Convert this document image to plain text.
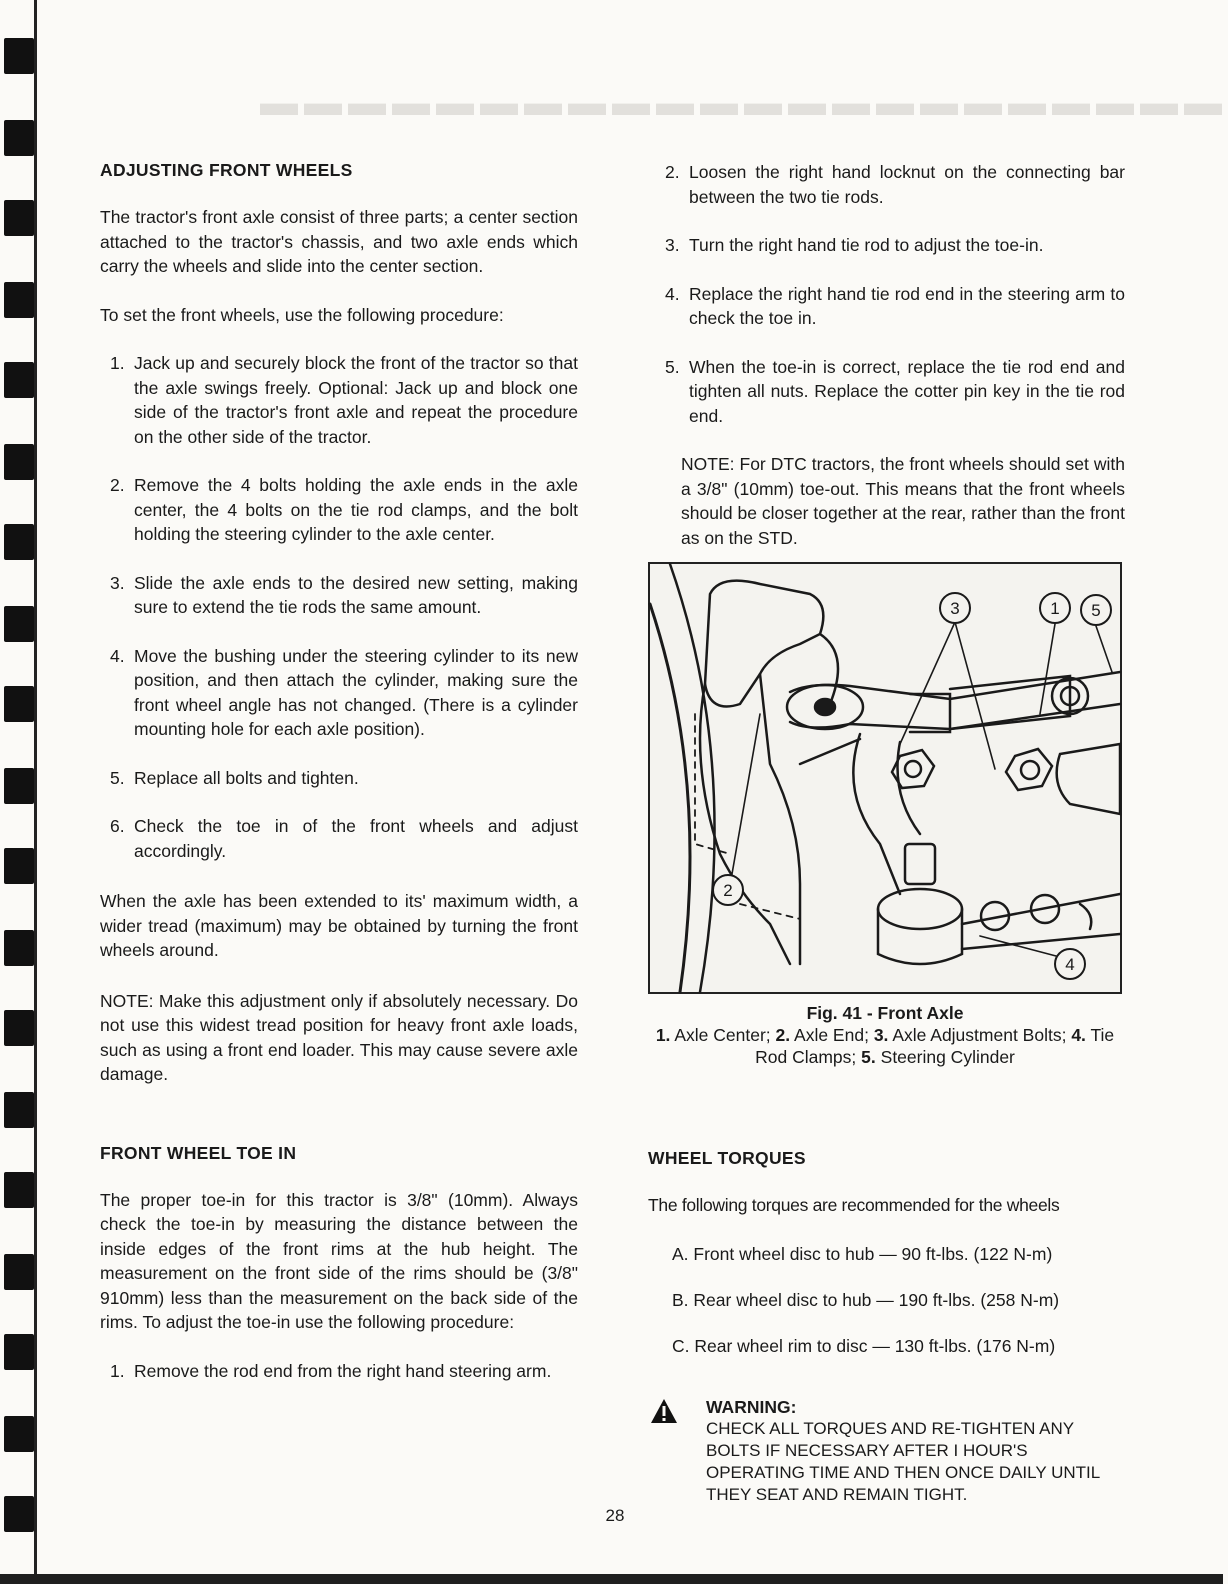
▬▬▬▬▬▬▬▬▬▬▬▬▬▬▬▬▬▬▬▬▬▬
ADJUSTING FRONT WHEELS

The tractor's front axle consist of three parts; a center section attached to the tractor's chassis, and two axle ends which carry the wheels and slide into the center section.

To set the front wheels, use the following procedure:

1. Jack up and securely block the front of the tractor so that the axle swings freely. Optional: Jack up and block one side of the tractor's front axle and repeat the procedure on the other side of the tractor.
2. Remove the 4 bolts holding the axle ends in the axle center, the 4 bolts on the tie rod clamps, and the bolt holding the steering cylinder to the axle center.
3. Slide the axle ends to the desired new setting, making sure to extend the tie rods the same amount.
4. Move the bushing under the steering cylinder to its new position, and then attach the cylinder, making sure the front wheel angle has not changed. (There is a cylinder mounting hole for each axle position).
5. Replace all bolts and tighten.
6. Check the toe in of the front wheels and adjust accordingly.

When the axle has been extended to its' maximum width, a wider tread (maximum) may be obtained by turning the front wheels around.

NOTE: Make this adjustment only if absolutely necessary. Do not use this widest tread position for heavy front axle loads, such as using a front end loader. This may cause severe axle damage.

FRONT WHEEL TOE IN

The proper toe-in for this tractor is 3/8" (10mm). Always check the toe-in by measuring the distance between the inside edges of the front rims at the hub height. The measurement on the front side of the rims should be (3/8" 910mm) less than the measurement on the back side of the rims. To adjust the toe-in use the following procedure:

1. Remove the rod end from the right hand steering arm.
2. Loosen the right hand locknut on the connecting bar between the two tie rods.
3. Turn the right hand tie rod to adjust the toe-in.
4. Replace the right hand tie rod end in the steering arm to check the toe in.
5. When the toe-in is correct, replace the tie rod end and tighten all nuts. Replace the cotter pin key in the tie rod end.

NOTE: For DTC tractors, the front wheels should set with a 3/8" (10mm) toe-out. This means that the front wheels should be closer together at the rear, rather than the front as on the STD.

3	1 5
2
4
Fig. 41 - Front Axle
1. Axle Center; 2. Axle End; 3. Axle Adjustment Bolts; 4. Tie Rod Clamps; 5. Steering Cylinder
WHEEL TORQUES

The following torques are recommended for the wheels

A. Front wheel disc to hub — 90 ft-lbs. (122 N-m)
B. Rear wheel disc to hub — 190 ft-lbs. (258 N-m)
C. Rear wheel rim to disc — 130 ft-lbs. (176 N-m)
WARNING:
CHECK ALL TORQUES AND RE-TIGHTEN ANY BOLTS IF NECESSARY AFTER I HOUR'S OPERATING TIME AND THEN ONCE DAILY UNTIL THEY SEAT AND REMAIN TIGHT.
28
